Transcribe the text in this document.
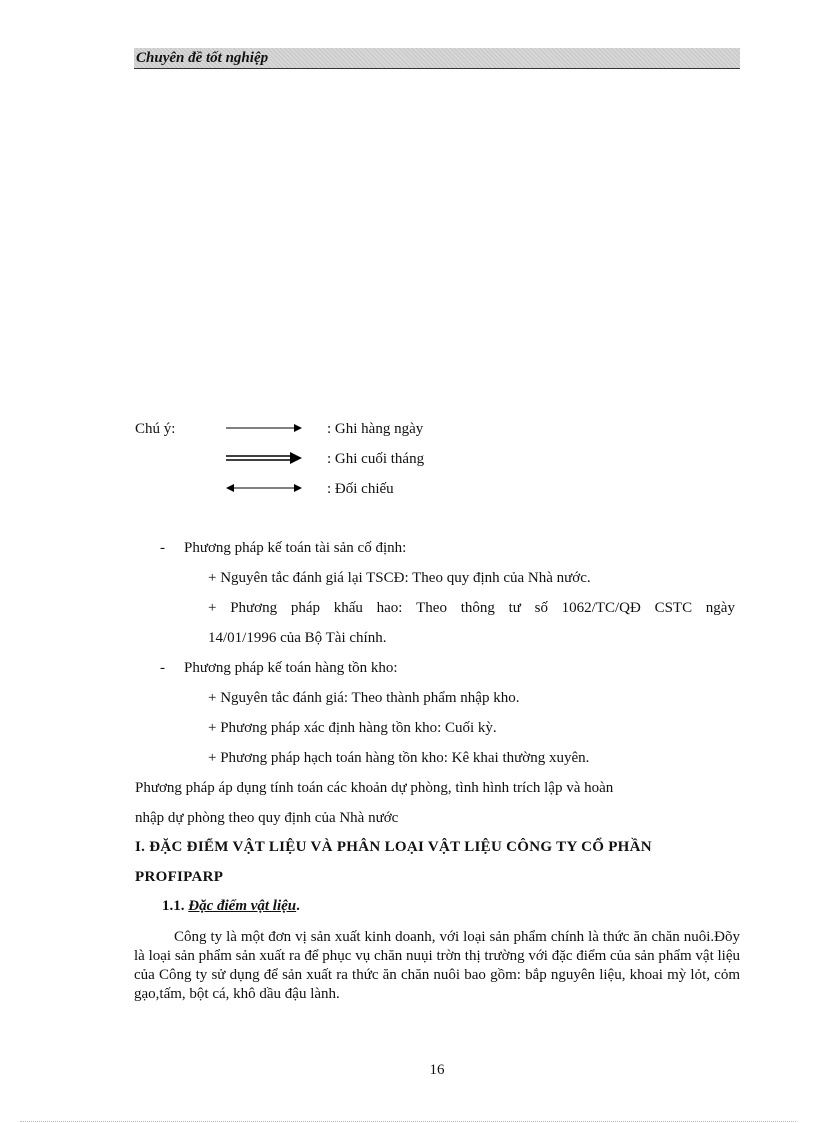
Chuyên đề tốt nghiệp
Chú ý:	: Ghi hàng ngày
: Ghi cuối tháng
: Đối chiếu
- Phương pháp kế toán tài sản cố định:
+ Nguyên tắc đánh giá lại TSCĐ: Theo quy định của Nhà nước.
+ Phương pháp khấu hao: Theo thông tư số 1062/TC/QĐ CSTC ngày
14/01/1996 của Bộ Tài chính.
- Phương pháp kế toán hàng tồn kho:
+ Nguyên tắc đánh giá: Theo thành phẩm nhập kho.
+ Phương pháp xác định hàng tồn kho: Cuối kỳ.
+ Phương pháp hạch toán hàng tồn kho: Kê khai thường xuyên.
Phương pháp áp dụng tính toán các khoản dự phòng, tình hình trích lập và hoàn
nhập dự phòng theo quy định của Nhà nước
I. ĐẶC ĐIỂM VẬT LIỆU VÀ PHÂN LOẠI VẬT LIỆU CÔNG TY CỔ PHẦN
PROFIPARP
1.1. Đặc điểm vật liệu.
Công ty là một đơn vị sản xuất kinh doanh, với loại sản phẩm chính là thức ăn chăn nuôi.Đõy là loại sản phẩm sản xuất ra để phục vụ chăn nuụi trờn thị trường với đặc điểm của sản phẩm vật liệu của Công ty sử dụng để sản xuất ra thức ăn chăn nuôi bao gồm: bắp nguyên liệu, khoai mỳ lỏt, cỏm gạo,tấm, bột cá, khô dầu đậu lành.
16
